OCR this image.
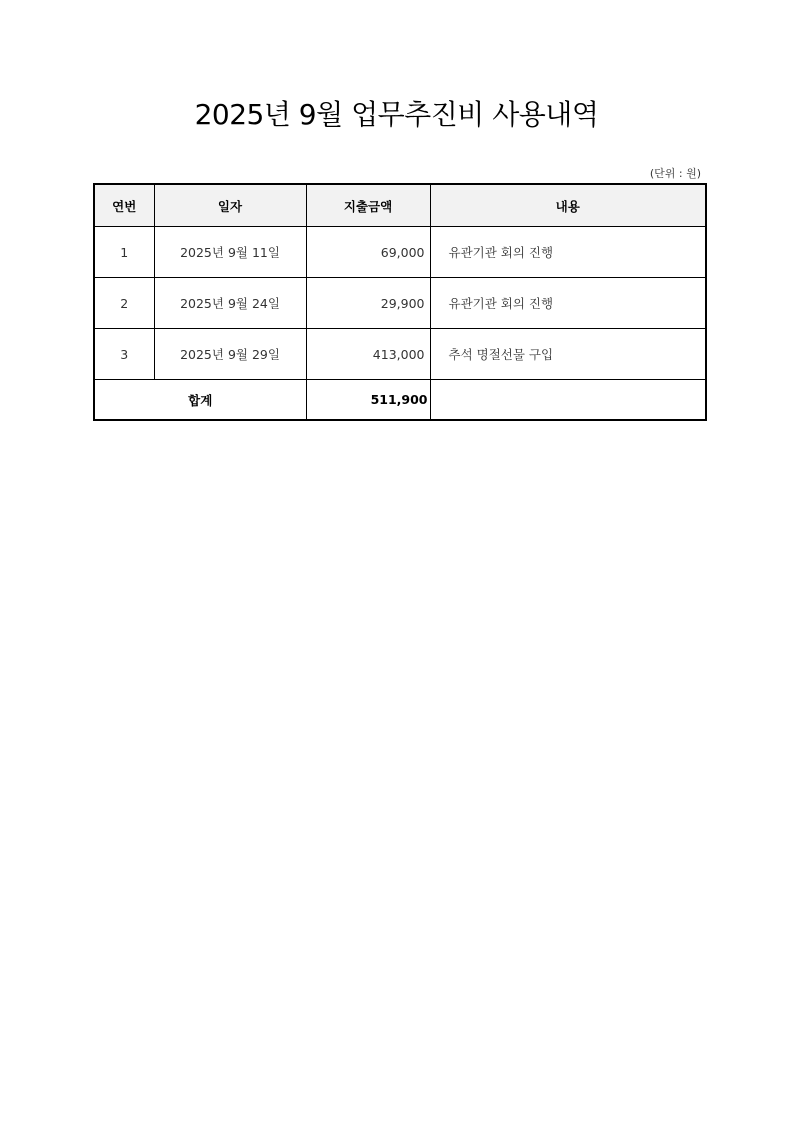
2025년 9월 업무추진비 사용내역
(단위 : 원)
연번	일자	지출금액	내용
1	2025년 9월 11일	69,000	유관기관 회의 진행
2	2025년 9월 24일	29,900	유관기관 회의 진행
3	2025년 9월 29일	413,000	추석 명절선물 구입
합계		511,900	
